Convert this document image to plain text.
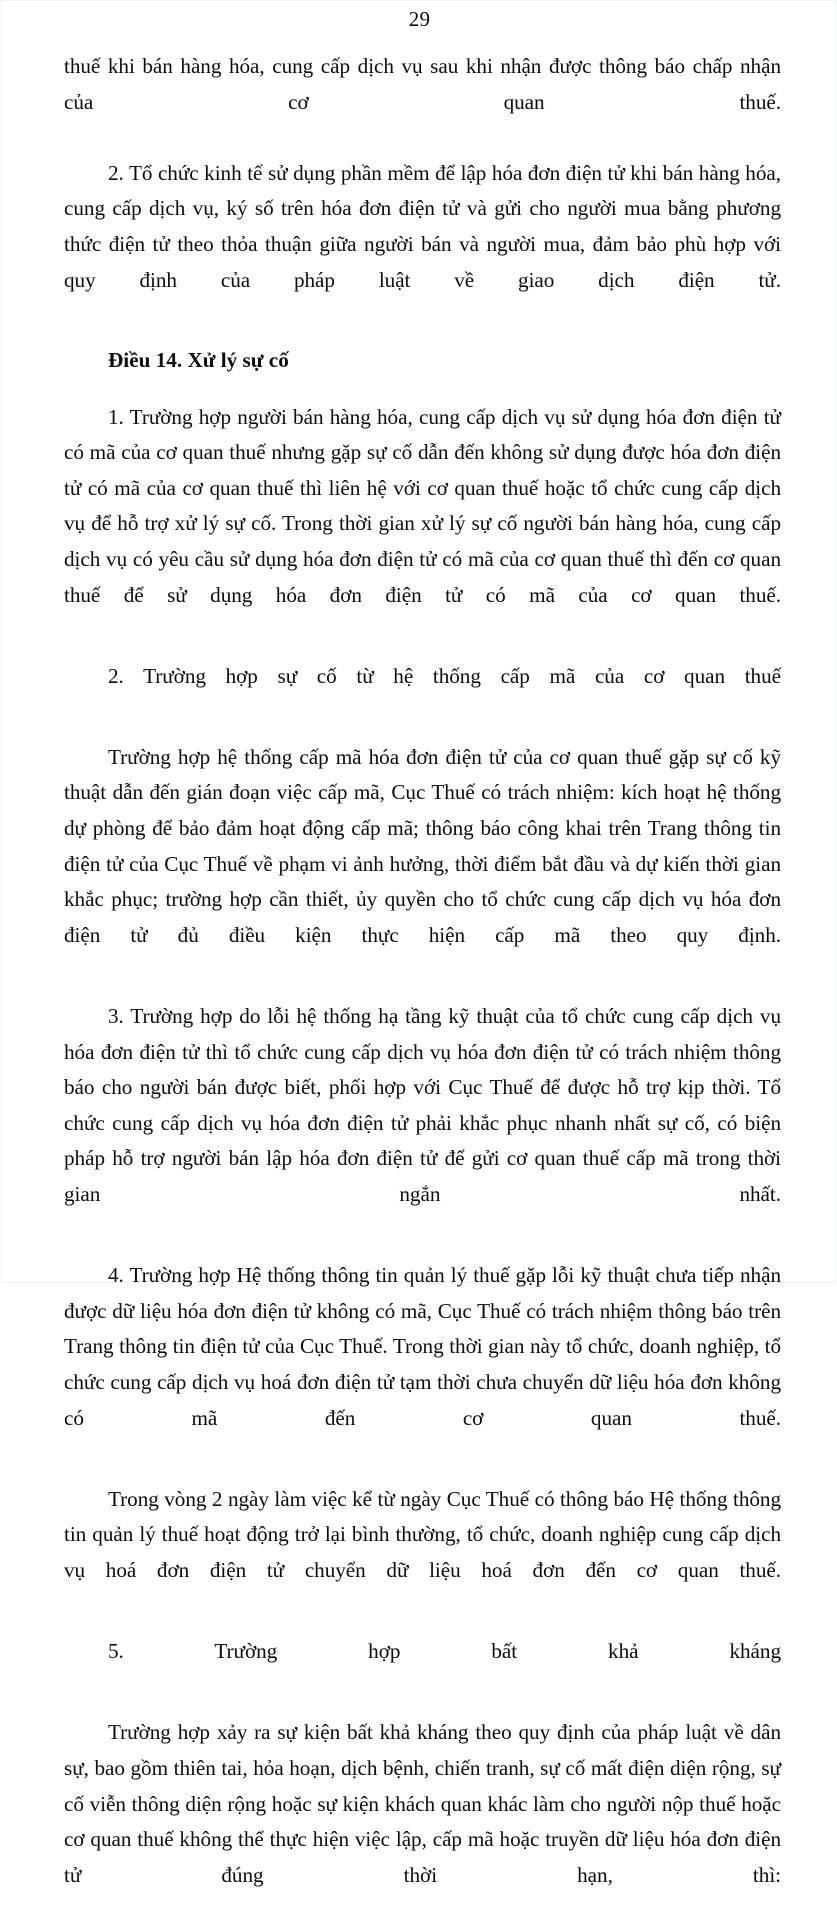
29

thuế khi bán hàng hóa, cung cấp dịch vụ sau khi nhận được thông báo chấp nhận của cơ quan thuế.

2. Tổ chức kinh tế sử dụng phần mềm để lập hóa đơn điện tử khi bán hàng hóa, cung cấp dịch vụ, ký số trên hóa đơn điện tử và gửi cho người mua bằng phương thức điện tử theo thỏa thuận giữa người bán và người mua, đảm bảo phù hợp với quy định của pháp luật về giao dịch điện tử.

Điều 14. Xử lý sự cố

1. Trường hợp người bán hàng hóa, cung cấp dịch vụ sử dụng hóa đơn điện tử có mã của cơ quan thuế nhưng gặp sự cố dẫn đến không sử dụng được hóa đơn điện tử có mã của cơ quan thuế thì liên hệ với cơ quan thuế hoặc tổ chức cung cấp dịch vụ để hỗ trợ xử lý sự cố. Trong thời gian xử lý sự cố người bán hàng hóa, cung cấp dịch vụ có yêu cầu sử dụng hóa đơn điện tử có mã của cơ quan thuế thì đến cơ quan thuế để sử dụng hóa đơn điện tử có mã của cơ quan thuế.

2. Trường hợp sự cố từ hệ thống cấp mã của cơ quan thuế

Trường hợp hệ thống cấp mã hóa đơn điện tử của cơ quan thuế gặp sự cố kỹ thuật dẫn đến gián đoạn việc cấp mã, Cục Thuế có trách nhiệm: kích hoạt hệ thống dự phòng để bảo đảm hoạt động cấp mã; thông báo công khai trên Trang thông tin điện tử của Cục Thuế về phạm vi ảnh hưởng, thời điểm bắt đầu và dự kiến thời gian khắc phục; trường hợp cần thiết, ủy quyền cho tổ chức cung cấp dịch vụ hóa đơn điện tử đủ điều kiện thực hiện cấp mã theo quy định.

3. Trường hợp do lỗi hệ thống hạ tầng kỹ thuật của tổ chức cung cấp dịch vụ hóa đơn điện tử thì tổ chức cung cấp dịch vụ hóa đơn điện tử có trách nhiệm thông báo cho người bán được biết, phối hợp với Cục Thuế để được hỗ trợ kịp thời. Tổ chức cung cấp dịch vụ hóa đơn điện tử phải khắc phục nhanh nhất sự cố, có biện pháp hỗ trợ người bán lập hóa đơn điện tử để gửi cơ quan thuế cấp mã trong thời gian ngắn nhất.

4. Trường hợp Hệ thống thông tin quản lý thuế gặp lỗi kỹ thuật chưa tiếp nhận được dữ liệu hóa đơn điện tử không có mã, Cục Thuế có trách nhiệm thông báo trên Trang thông tin điện tử của Cục Thuế. Trong thời gian này tổ chức, doanh nghiệp, tổ chức cung cấp dịch vụ hoá đơn điện tử tạm thời chưa chuyển dữ liệu hóa đơn không có mã đến cơ quan thuế.

Trong vòng 2 ngày làm việc kể từ ngày Cục Thuế có thông báo Hệ thống thông tin quản lý thuế hoạt động trở lại bình thường, tổ chức, doanh nghiệp cung cấp dịch vụ hoá đơn điện tử chuyển dữ liệu hoá đơn đến cơ quan thuế.

5. Trường hợp bất khả kháng

Trường hợp xảy ra sự kiện bất khả kháng theo quy định của pháp luật về dân sự, bao gồm thiên tai, hỏa hoạn, dịch bệnh, chiến tranh, sự cố mất điện diện rộng, sự cố viễn thông diện rộng hoặc sự kiện khách quan khác làm cho người nộp thuế hoặc cơ quan thuế không thể thực hiện việc lập, cấp mã hoặc truyền dữ liệu hóa đơn điện tử đúng thời hạn, thì:
